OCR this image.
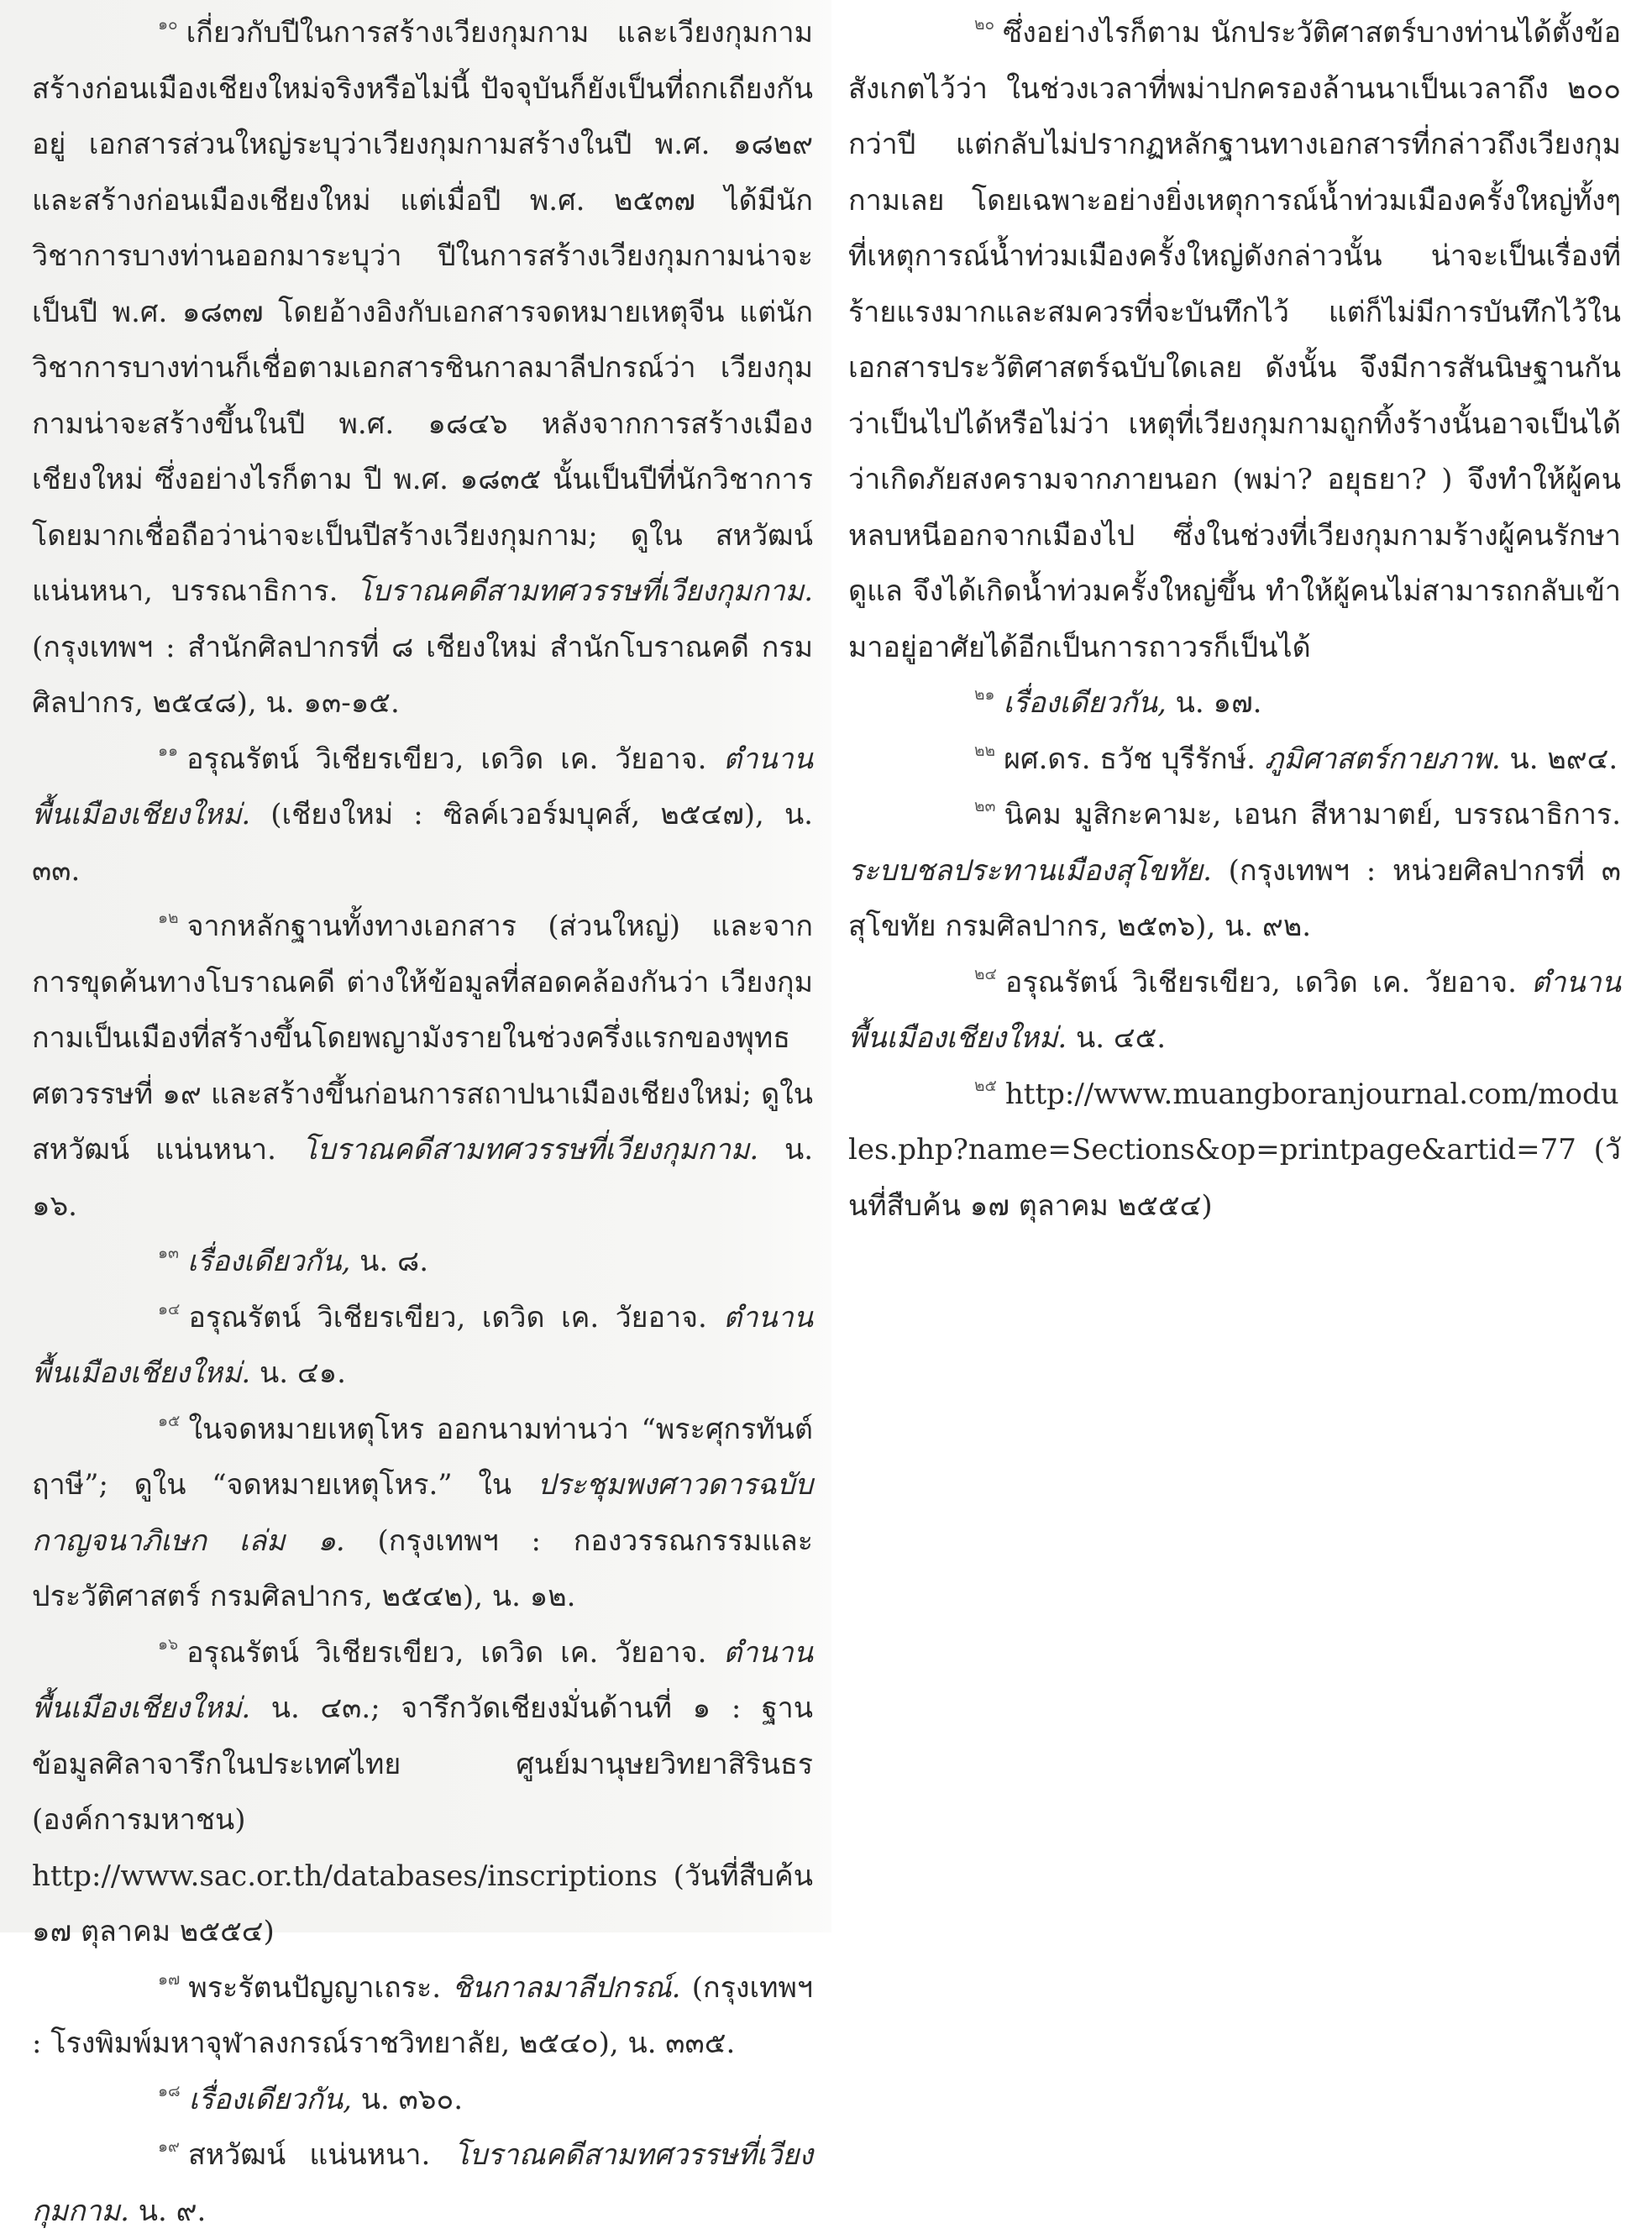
$^{๑๐}$ เกี่ยวกับปีในการสร้างเวียงกุมกาม และเวียงกุมกามสร้างก่อนเมืองเชียงใหม่จริงหรือไม่นี้ ปัจจุบันก็ยังเป็นที่ถกเถียงกันอยู่ เอกสารส่วนใหญ่ระบุว่าเวียงกุมกามสร้างในปี พ.ศ. ๑๘๒๙ และสร้างก่อนเมืองเชียงใหม่ แต่เมื่อปี พ.ศ. ๒๕๓๗ ได้มีนักวิชาการบางท่านออกมาระบุว่า ปีในการสร้างเวียงกุมกามน่าจะเป็นปี พ.ศ. ๑๘๓๗ โดยอ้างอิงกับเอกสารจดหมายเหตุจีน แต่นักวิชาการบางท่านก็เชื่อตามเอกสารชินกาลมาลีปกรณ์ว่า เวียงกุมกามน่าจะสร้างขึ้นในปี พ.ศ. ๑๘๔๖ หลังจากการสร้างเมืองเชียงใหม่ ซึ่งอย่างไรก็ตาม ปี พ.ศ. ๑๘๓๕ นั้นเป็นปีที่นักวิชาการโดยมากเชื่อถือว่าน่าจะเป็นปีสร้างเวียงกุมกาม; ดูใน สหวัฒน์ แน่นหนา, บรรณาธิการ. โบราณคดีสามทศวรรษที่เวียงกุมกาม. (กรุงเทพฯ : สำนักศิลปากรที่ ๘ เชียงใหม่ สำนักโบราณคดี กรมศิลปากร, ๒๕๔๘), น. ๑๓-๑๕.

$^{๑๑}$ อรุณรัตน์ วิเชียรเขียว, เดวิด เค. วัยอาจ. ตำนานพื้นเมืองเชียงใหม่. (เชียงใหม่ : ซิลค์เวอร์มบุคส์, ๒๕๔๗), น. ๓๓.

$^{๑๒}$ จากหลักฐานทั้งทางเอกสาร (ส่วนใหญ่) และจากการขุดค้นทางโบราณคดี ต่างให้ข้อมูลที่สอดคล้องกันว่า เวียงกุมกามเป็นเมืองที่สร้างขึ้นโดยพญามังรายในช่วงครึ่งแรกของพุทธศตวรรษที่ ๑๙ และสร้างขึ้นก่อนการสถาปนาเมืองเชียงใหม่; ดูใน สหวัฒน์ แน่นหนา. โบราณคดีสามทศวรรษที่เวียงกุมกาม. น. ๑๖.

$^{๑๓}$ เรื่องเดียวกัน, น. ๘.

$^{๑๔}$ อรุณรัตน์ วิเชียรเขียว, เดวิด เค. วัยอาจ. ตำนานพื้นเมืองเชียงใหม่. น. ๔๑.

$^{๑๕}$ ในจดหมายเหตุโหร ออกนามท่านว่า “พระศุกรทันต์ฤาษี”; ดูใน “จดหมายเหตุโหร.” ใน ประชุมพงศาวดารฉบับกาญจนาภิเษก เล่ม ๑. (กรุงเทพฯ : กองวรรณกรรมและประวัติศาสตร์ กรมศิลปากร, ๒๕๔๒), น. ๑๒.

$^{๑๖}$ อรุณรัตน์ วิเชียรเขียว, เดวิด เค. วัยอาจ. ตำนานพื้นเมืองเชียงใหม่. น. ๔๓.; จารึกวัดเชียงมั่นด้านที่ ๑ : ฐานข้อมูลศิลาจารึกในประเทศไทย ศูนย์มานุษยวิทยาสิรินธร (องค์การมหาชน) http://www.sac.or.th/databases/inscriptions (วันที่สืบค้น ๑๗ ตุลาคม ๒๕๕๔)

$^{๑๗}$ พระรัตนปัญญาเถระ. ชินกาลมาลีปกรณ์. (กรุงเทพฯ : โรงพิมพ์มหาจุฬาลงกรณ์ราชวิทยาลัย, ๒๕๔๐), น. ๓๓๕.

$^{๑๘}$ เรื่องเดียวกัน, น. ๓๖๐.

$^{๑๙}$ สหวัฒน์ แน่นหนา. โบราณคดีสามทศวรรษที่เวียงกุมกาม. น. ๙.

$^{๒๐}$ ซึ่งอย่างไรก็ตาม นักประวัติศาสตร์บางท่านได้ตั้งข้อสังเกตไว้ว่า ในช่วงเวลาที่พม่าปกครองล้านนาเป็นเวลาถึง ๒๐๐ กว่าปี แต่กลับไม่ปรากฏหลักฐานทางเอกสารที่กล่าวถึงเวียงกุมกามเลย โดยเฉพาะอย่างยิ่งเหตุการณ์น้ำท่วมเมืองครั้งใหญ่ทั้งๆ ที่เหตุการณ์น้ำท่วมเมืองครั้งใหญ่ดังกล่าวนั้น น่าจะเป็นเรื่องที่ร้ายแรงมากและสมควรที่จะบันทึกไว้ แต่ก็ไม่มีการบันทึกไว้ในเอกสารประวัติศาสตร์ฉบับใดเลย ดังนั้น จึงมีการสันนิษฐานกันว่าเป็นไปได้หรือไม่ว่า เหตุที่เวียงกุมกามถูกทิ้งร้างนั้นอาจเป็นได้ว่าเกิดภัยสงครามจากภายนอก (พม่า? อยุธยา? ) จึงทำให้ผู้คนหลบหนีออกจากเมืองไป ซึ่งในช่วงที่เวียงกุมกามร้างผู้คนรักษาดูแล จึงได้เกิดน้ำท่วมครั้งใหญ่ขึ้น ทำให้ผู้คนไม่สามารถกลับเข้ามาอยู่อาศัยได้อีกเป็นการถาวรก็เป็นได้

$^{๒๑}$ เรื่องเดียวกัน, น. ๑๗.

$^{๒๒}$ ผศ.ดร. ธวัช บุรีรักษ์. ภูมิศาสตร์กายภาพ. น. ๒๙๔.

$^{๒๓}$ นิคม มูสิกะคามะ, เอนก สีหามาตย์, บรรณาธิการ. ระบบชลประทานเมืองสุโขทัย. (กรุงเทพฯ : หน่วยศิลปากรที่ ๓ สุโขทัย กรมศิลปากร, ๒๕๓๖), น. ๙๒.

$^{๒๔}$ อรุณรัตน์ วิเชียรเขียว, เดวิด เค. วัยอาจ. ตำนานพื้นเมืองเชียงใหม่. น. ๔๕.

$^{๒๕}$ http://www.muangboranjournal.com/modules.php?name=Sections&op=printpage&artid=77 (วันที่สืบค้น ๑๗ ตุลาคม ๒๕๕๔)
